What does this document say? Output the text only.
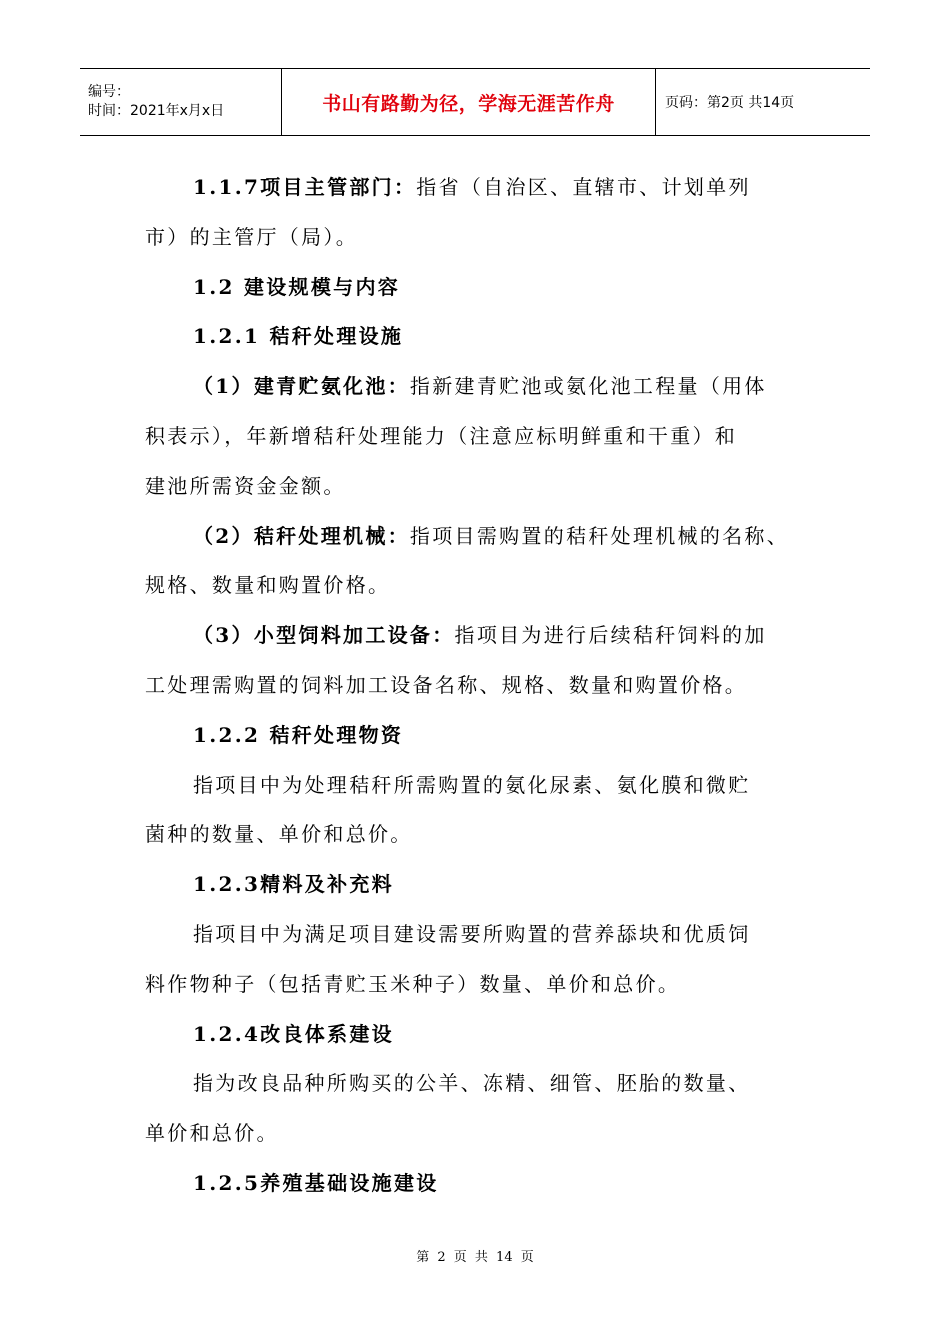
编号：
时间：2021年x月x日	书山有路勤为径，学海无涯苦作舟	页码：第2页 共14页

1.1.7项目主管部门：指省（自治区、直辖市、计划单列

市）的主管厅（局）。

1.2 建设规模与内容

1.2.1 秸秆处理设施

（1）建青贮氨化池：指新建青贮池或氨化池工程量（用体

积表示），年新增秸秆处理能力（注意应标明鲜重和干重）和

建池所需资金金额。

（2）秸秆处理机械：指项目需购置的秸秆处理机械的名称、

规格、数量和购置价格。

（3）小型饲料加工设备：指项目为进行后续秸秆饲料的加

工处理需购置的饲料加工设备名称、规格、数量和购置价格。

1.2.2 秸秆处理物资

指项目中为处理秸秆所需购置的氨化尿素、氨化膜和微贮

菌种的数量、单价和总价。

1.2.3精料及补充料

指项目中为满足项目建设需要所购置的营养舔块和优质饲

料作物种子（包括青贮玉米种子）数量、单价和总价。

1.2.4改良体系建设

指为改良品种所购买的公羊、冻精、细管、胚胎的数量、

单价和总价。

1.2.5养殖基础设施建设

第 2 页 共 14 页
